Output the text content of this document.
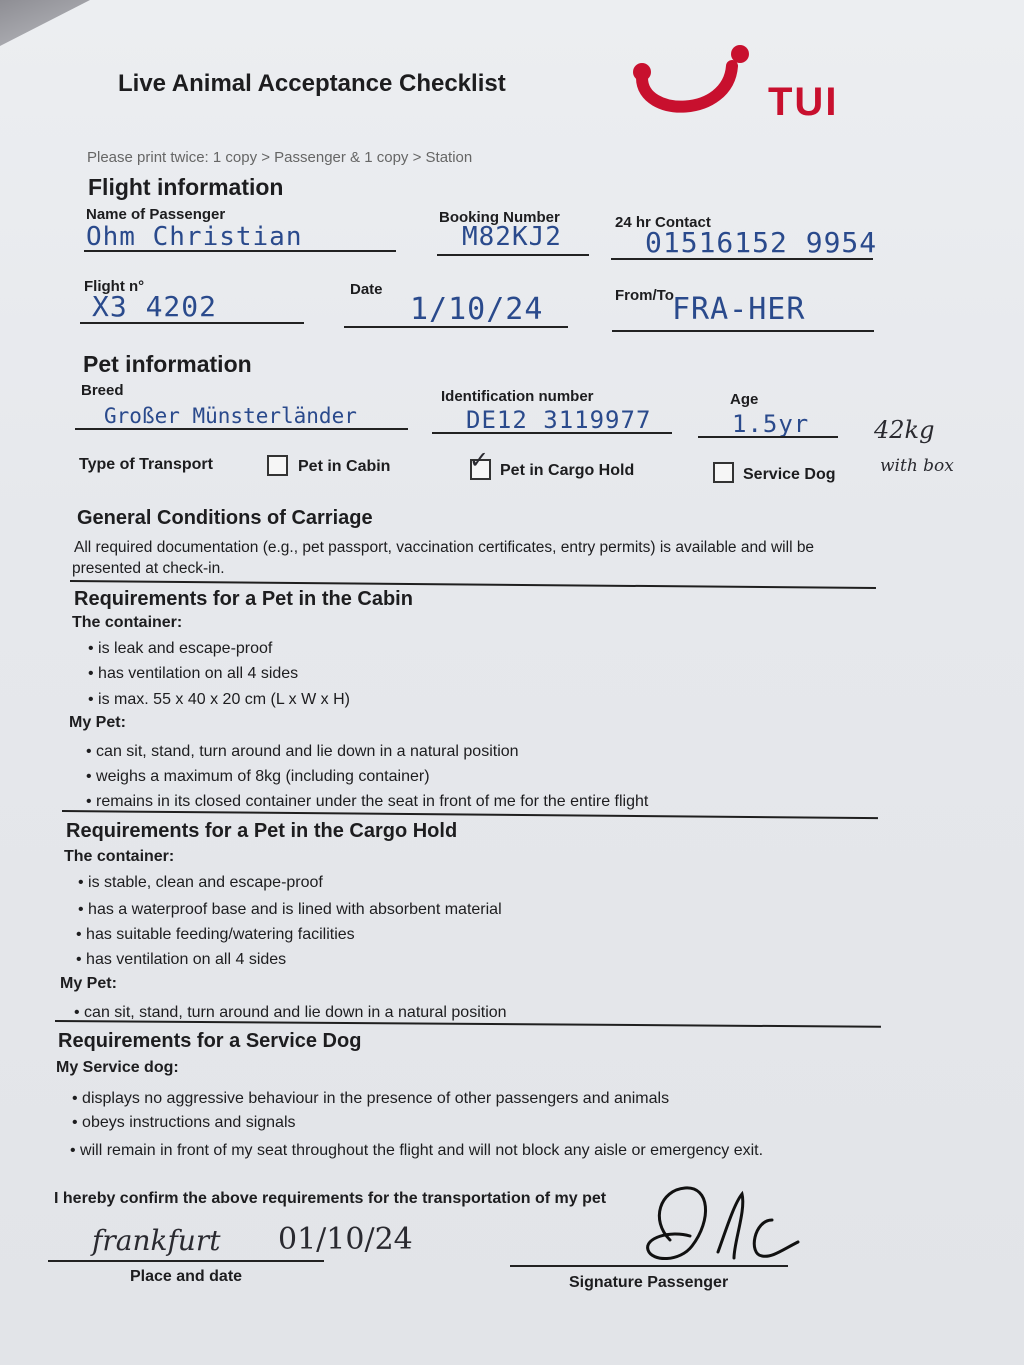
Live Animal Acceptance Checklist	TUI
Please print twice: 1 copy > Passenger & 1 copy > Station
Flight information
Name of Passenger
Ohm Christian
Booking Number
M82KJ2	24 hr Contact
01516152 9954
Flight n°
X3 4202
Date
1/10/24	From/To
FRA-HER
Pet information
Breed
Großer Münsterländer
Identification number
DE12 3119977
Age
1.5yr	42kg
with box
Type of Transport	Pet in Cabin	✓ Pet in Cargo Hold	Service Dog
General Conditions of Carriage
All required documentation (e.g., pet passport, vaccination certificates, entry permits) is available and will be
presented at check-in.
Requirements for a Pet in the Cabin
The container:
• is leak and escape-proof
• has ventilation on all 4 sides
• is max. 55 x 40 x 20 cm (L x W x H)
My Pet:
• can sit, stand, turn around and lie down in a natural position
• weighs a maximum of 8kg (including container)
• remains in its closed container under the seat in front of me for the entire flight
Requirements for a Pet in the Cargo Hold
The container:
• is stable, clean and escape-proof
• has a waterproof base and is lined with absorbent material
• has suitable feeding/watering facilities
• has ventilation on all 4 sides
My Pet:
• can sit, stand, turn around and lie down in a natural position
Requirements for a Service Dog
My Service dog:
• displays no aggressive behaviour in the presence of other passengers and animals
• obeys instructions and signals
• will remain in front of my seat throughout the flight and will not block any aisle or emergency exit.
I hereby confirm the above requirements for the transportation of my pet
frankfurt 01/10/24
Place and date	Signature Passenger
